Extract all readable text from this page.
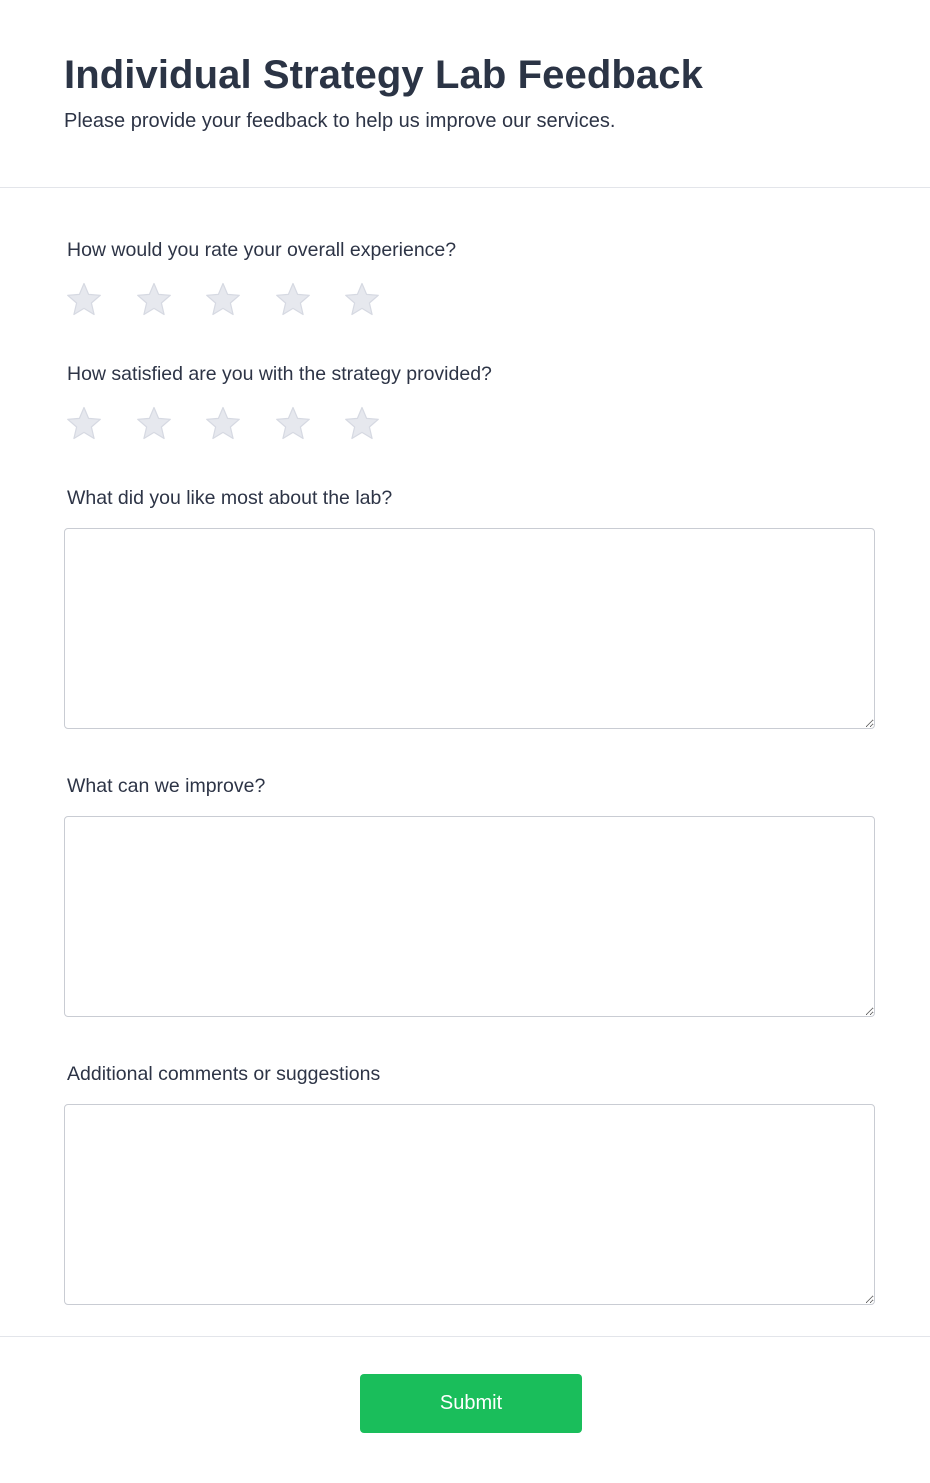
Individual Strategy Lab Feedback

Please provide your feedback to help us improve our services.

How would you rate your overall experience?

How satisfied are you with the strategy provided?

What did you like most about the lab?

What can we improve?

Additional comments or suggestions

Submit
